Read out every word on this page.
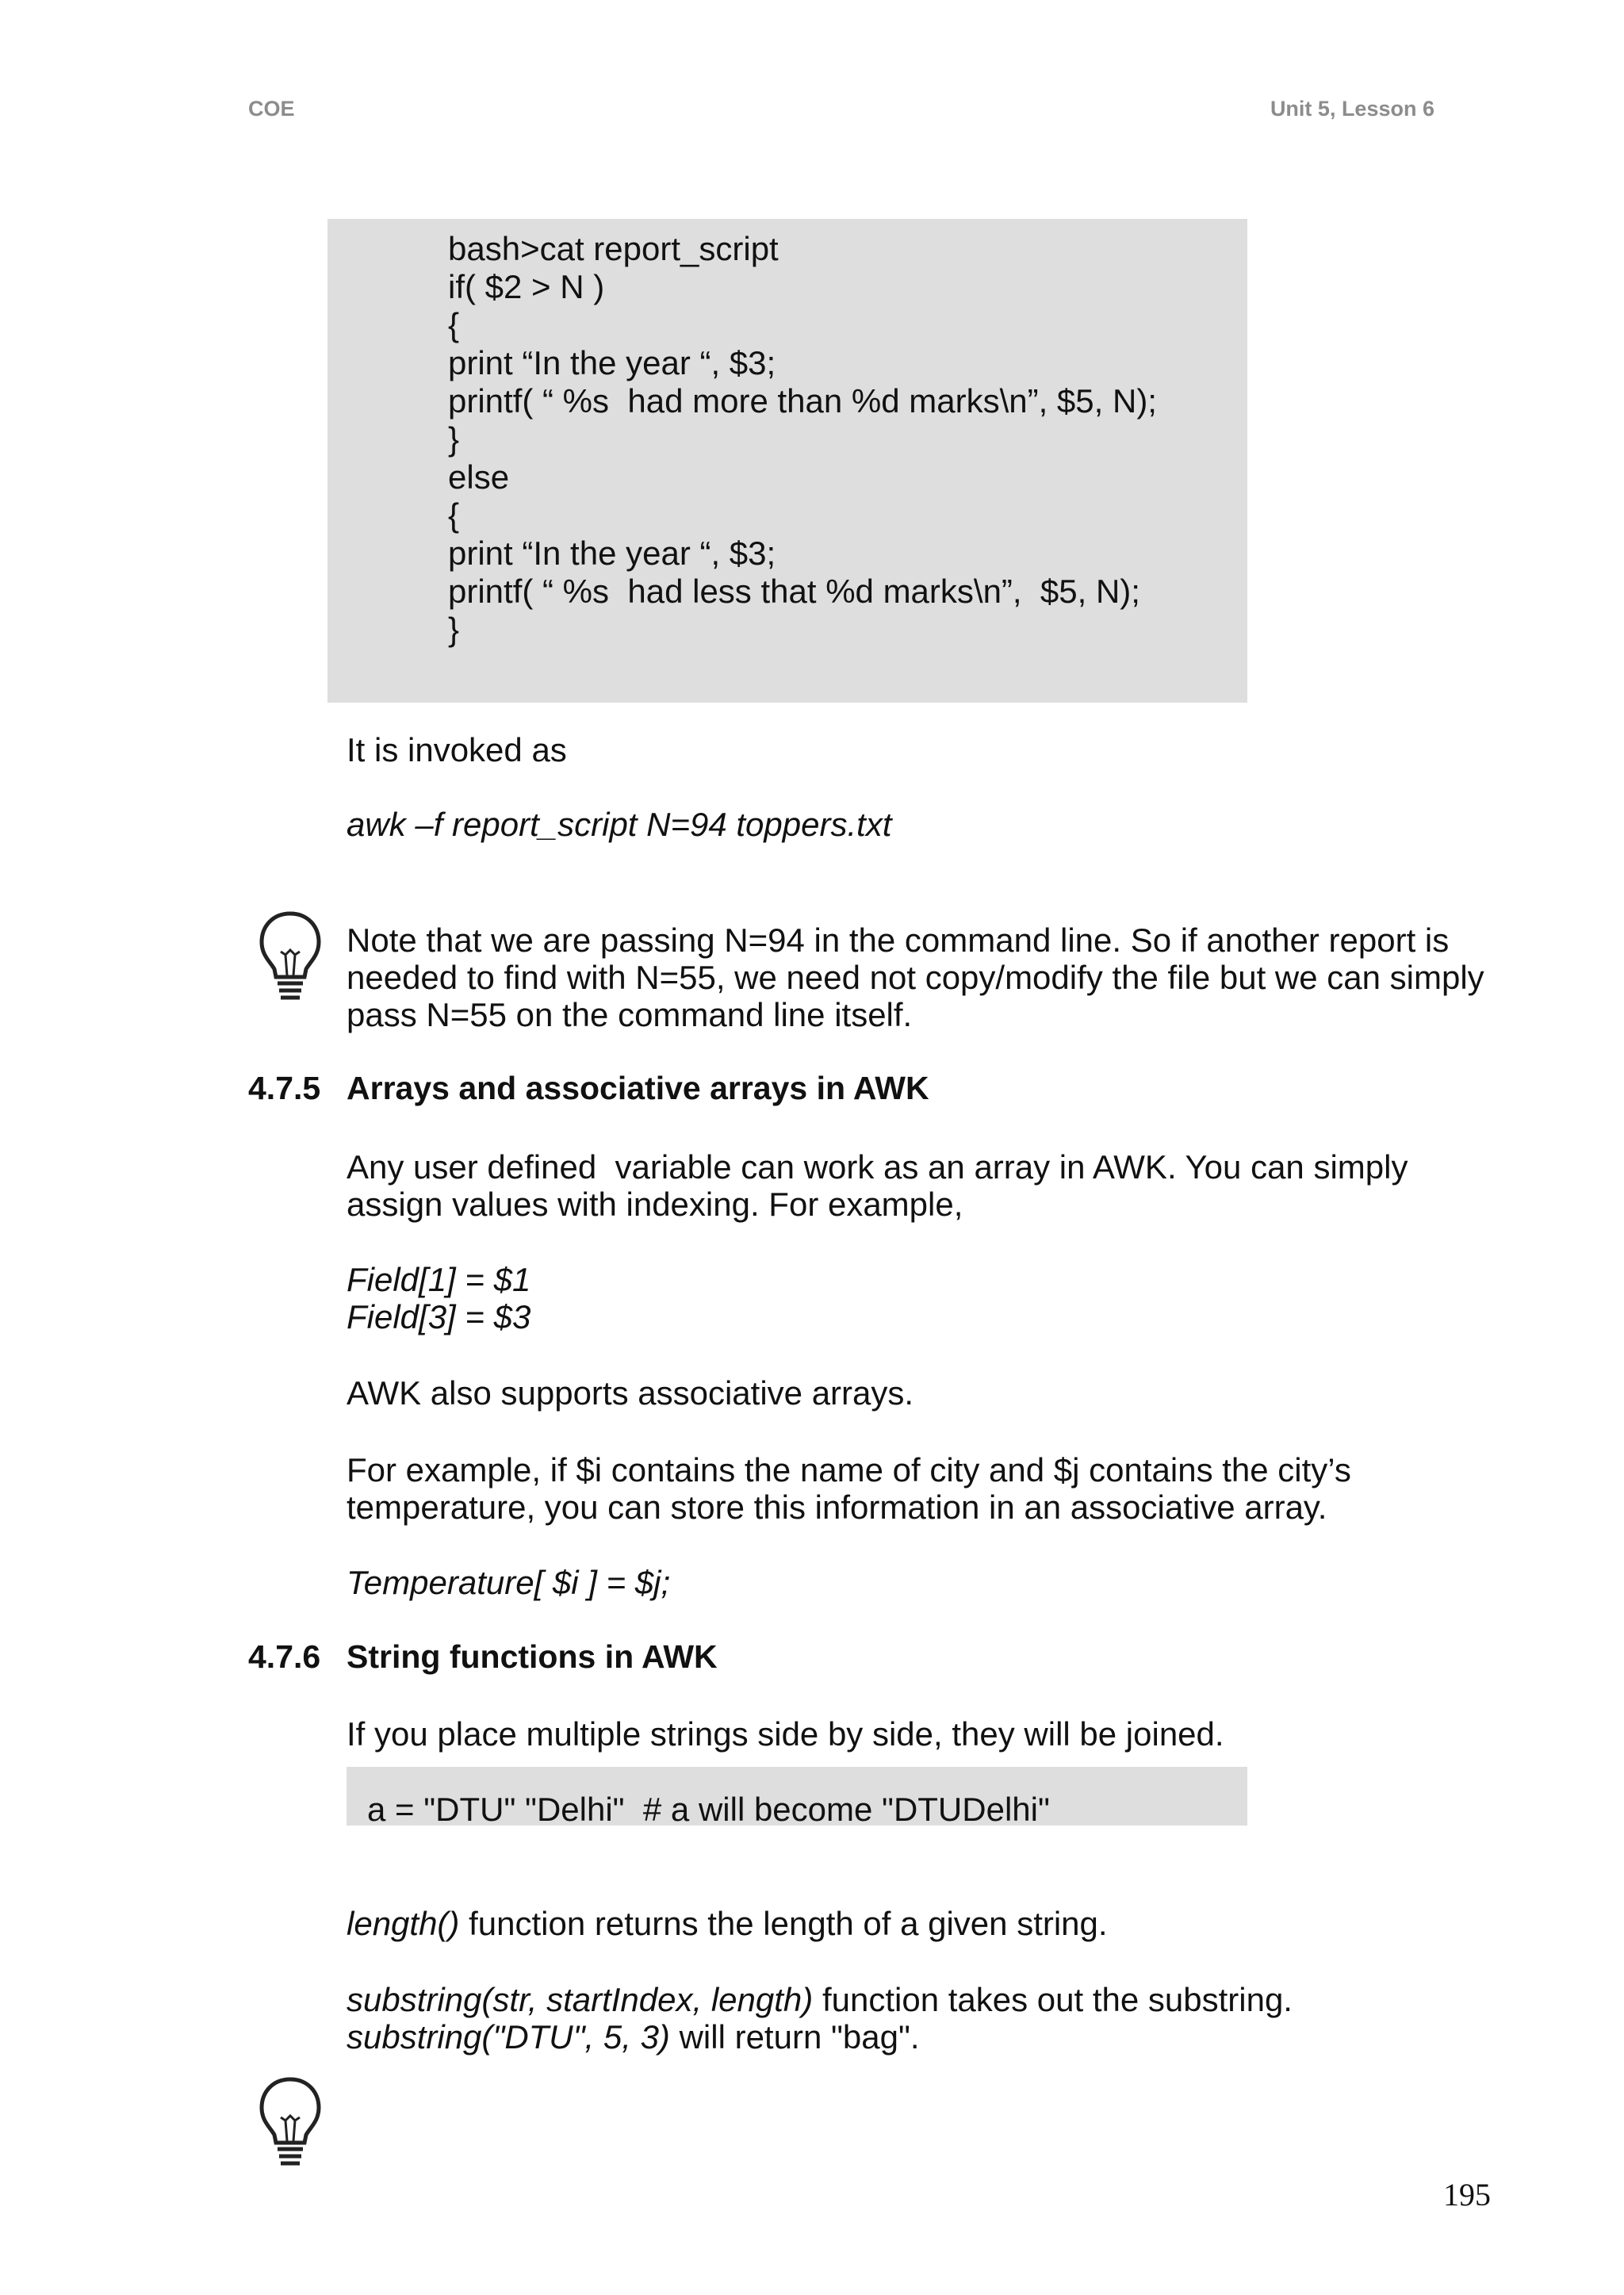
COE	Unit 5, Lesson 6
bash>cat report_script
if( $2 > N )
{
print “In the year “, $3;
printf( “ %s  had more than %d marks\n”, $5, N);
}
else
{
print “In the year “, $3;
printf( “ %s  had less that %d marks\n”,  $5, N);
}
It is invoked as
awk –f report_script N=94 toppers.txt
Note that we are passing N=94 in the command line. So if another report is
needed to find with N=55, we need not copy/modify the file but we can simply
pass N=55 on the command line itself.
4.7.5 Arrays and associative arrays in AWK
Any user defined  variable can work as an array in AWK. You can simply
assign values with indexing. For example,
Field[1] = $1
Field[3] = $3
AWK also supports associative arrays.
For example, if $i contains the name of city and $j contains the city’s
temperature, you can store this information in an associative array.
Temperature[ $i ] = $j;
4.7.6 String functions in AWK
If you place multiple strings side by side, they will be joined.
a = "DTU" "Delhi"  # a will become "DTUDelhi"
length() function returns the length of a given string.
substring(str, startIndex, length) function takes out the substring.
substring("DTU", 5, 3) will return "bag".
195
